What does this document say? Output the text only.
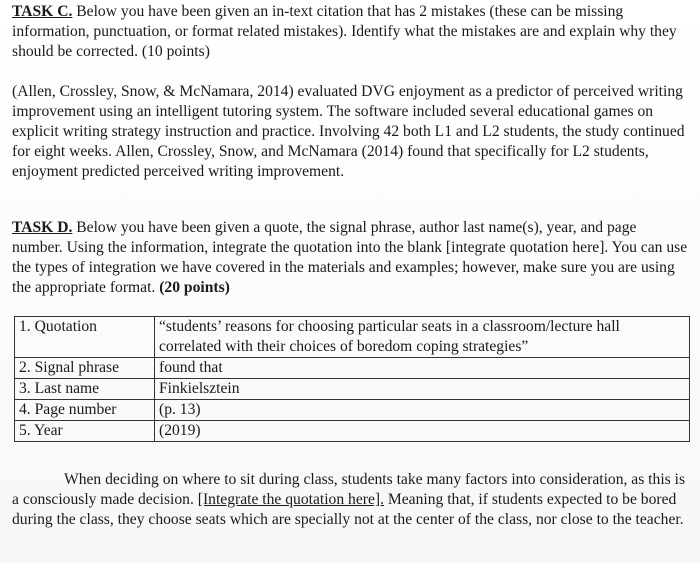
TASK C. Below you have been given an in-text citation that has 2 mistakes (these can be missing information, punctuation, or format related mistakes). Identify what the mistakes are and explain why they should be corrected. (10 points)

(Allen, Crossley, Snow, & McNamara, 2014) evaluated DVG enjoyment as a predictor of perceived writing improvement using an intelligent tutoring system. The software included several educational games on explicit writing strategy instruction and practice. Involving 42 both L1 and L2 students, the study continued for eight weeks. Allen, Crossley, Snow, and McNamara (2014) found that specifically for L2 students, enjoyment predicted perceived writing improvement.

TASK D. Below you have been given a quote, the signal phrase, author last name(s), year, and page number. Using the information, integrate the quotation into the blank [integrate quotation here]. You can use the types of integration we have covered in the materials and examples; however, make sure you are using the appropriate format. (20 points)

1. Quotation	“students’ reasons for choosing particular seats in a classroom/lecture hall correlated with their choices of boredom coping strategies”
2. Signal phrase	found that
3. Last name	Finkielsztein
4. Page number	(p. 13)
5. Year	(2019)

When deciding on where to sit during class, students take many factors into consideration, as this is a consciously made decision. [Integrate the quotation here]. Meaning that, if students expected to be bored during the class, they choose seats which are specially not at the center of the class, nor close to the teacher.
